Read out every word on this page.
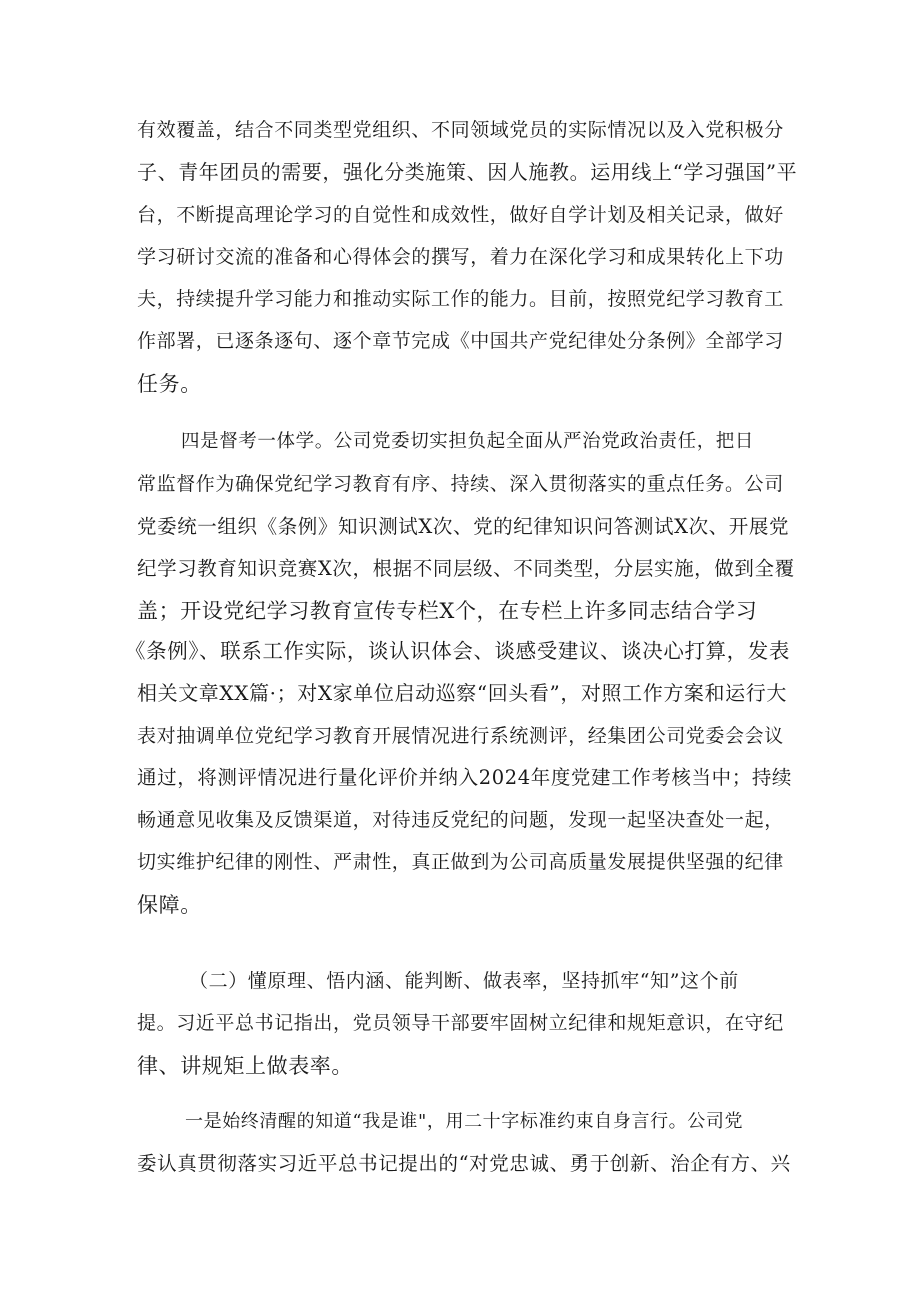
有效覆盖，结合不同类型党组织、不同领域党员的实际情况以及入党积极分
子、青年团员的需要，强化分类施策、因人施教。运用线上“学习强国”平
台，不断提高理论学习的自觉性和成效性，做好自学计划及相关记录，做好
学习研讨交流的准备和心得体会的撰写，着力在深化学习和成果转化上下功
夫，持续提升学习能力和推动实际工作的能力。目前，按照党纪学习教育工
作部署，已逐条逐句、逐个章节完成《中国共产党纪律处分条例》全部学习
任务。

四是督考一体学。公司党委切实担负起全面从严治党政治责任，把日
常监督作为确保党纪学习教育有序、持续、深入贯彻落实的重点任务。公司
党委统一组织《条例》知识测试X次、党的纪律知识问答测试X次、开展党
纪学习教育知识竞赛X次，根据不同层级、不同类型，分层实施，做到全覆
盖；开设党纪学习教育宣传专栏X个，在专栏上许多同志结合学习

《条例》、联系工作实际，谈认识体会、谈感受建议、谈决心打算，发表
相关文章XX篇·；对X家单位启动巡察“回头看”，对照工作方案和运行大
表对抽调单位党纪学习教育开展情况进行系统测评，经集团公司党委会会议
通过，将测评情况进行量化评价并纳入2024年度党建工作考核当中；持续
畅通意见收集及反馈渠道，对待违反党纪的问题，发现一起坚决查处一起，
切实维护纪律的刚性、严肃性，真正做到为公司高质量发展提供坚强的纪律
保障。

（二）懂原理、悟内涵、能判断、做表率，坚持抓牢“知”这个前
提。习近平总书记指出，党员领导干部要牢固树立纪律和规矩意识，在守纪
律、讲规矩上做表率。

一是始终清醒的知道“我是谁"，用二十字标准约束自身言行。公司党
委认真贯彻落实习近平总书记提出的“对党忠诚、勇于创新、治企有方、兴
